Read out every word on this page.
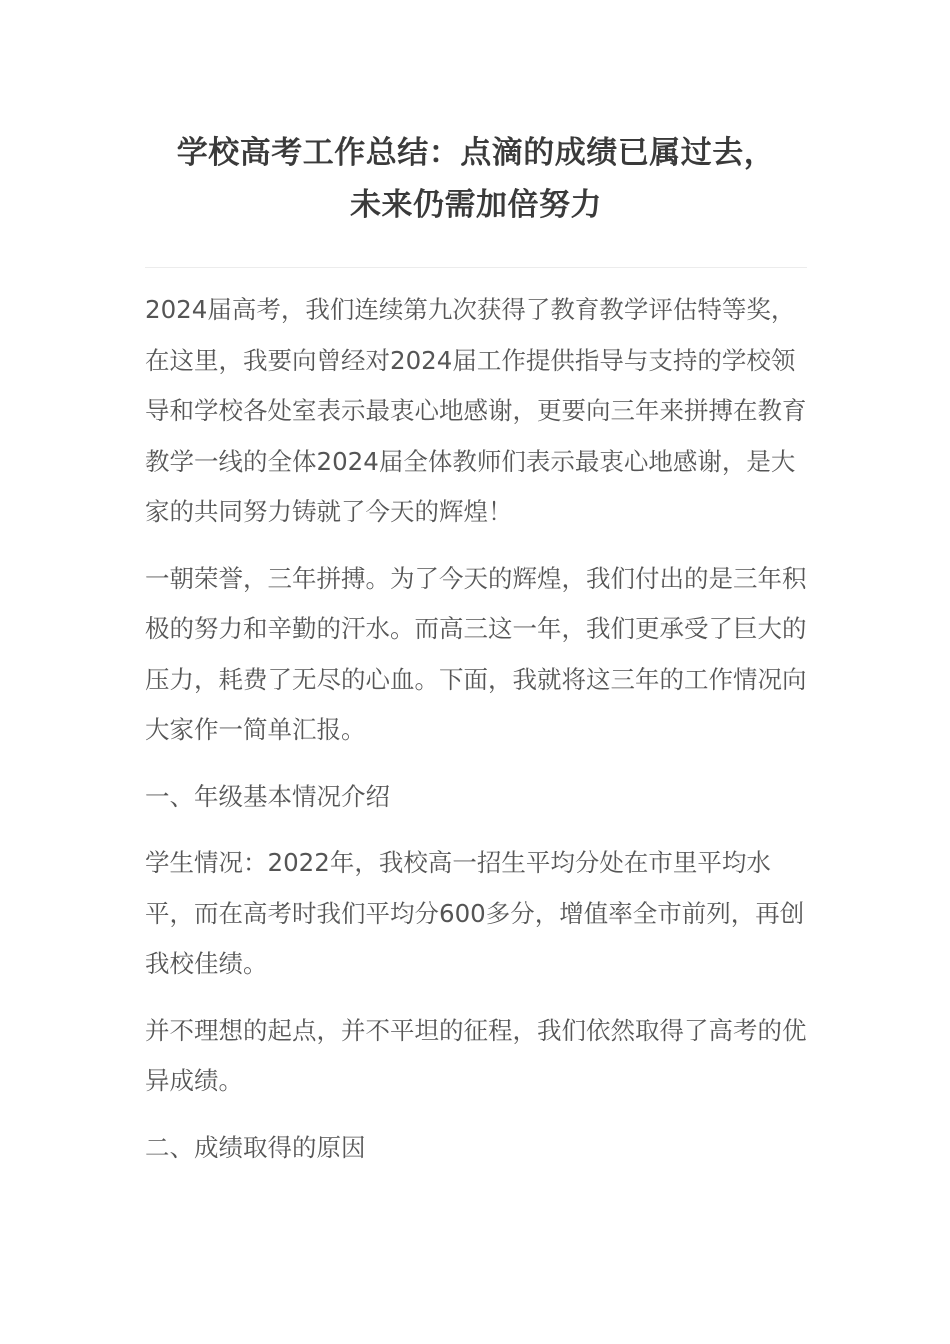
学校高考工作总结：点滴的成绩已属过去，
未来仍需加倍努力

2024届高考，我们连续第九次获得了教育教学评估特等奖，在这里，我要向曾经对2024届工作提供指导与支持的学校领导和学校各处室表示最衷心地感谢，更要向三年来拼搏在教育教学一线的全体2024届全体教师们表示最衷心地感谢，是大家的共同努力铸就了今天的辉煌！

一朝荣誉，三年拼搏。为了今天的辉煌，我们付出的是三年积极的努力和辛勤的汗水。而高三这一年，我们更承受了巨大的压力，耗费了无尽的心血。下面，我就将这三年的工作情况向大家作一简单汇报。

一、年级基本情况介绍

学生情况：2022年，我校高一招生平均分处在市里平均水平，而在高考时我们平均分600多分，增值率全市前列，再创我校佳绩。

并不理想的起点，并不平坦的征程，我们依然取得了高考的优异成绩。

二、成绩取得的原因
